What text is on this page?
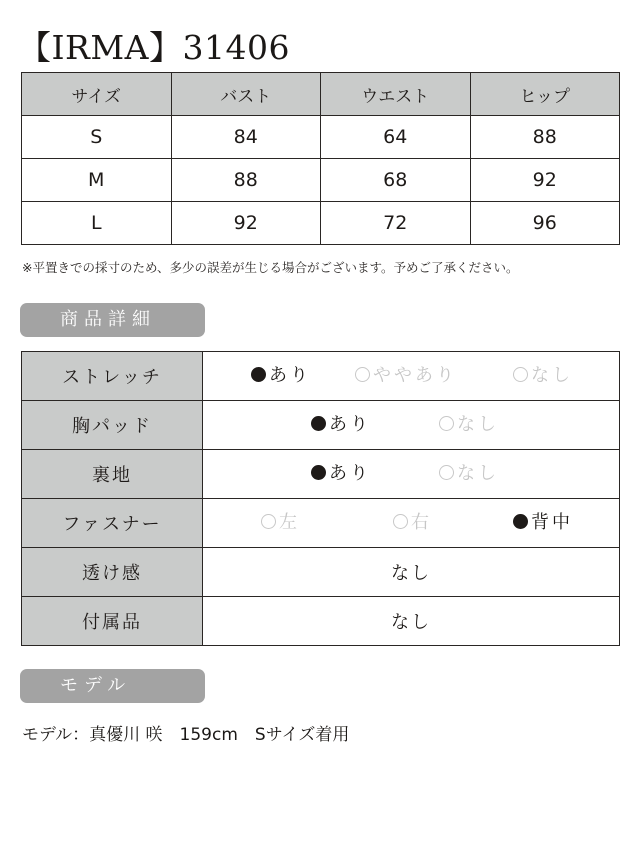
【IRMA】31406
サイズ	バスト	ウエスト	ヒップ
S	84	64	88
M	88	68	92
L	92	72	96
※平置きでの採寸のため、多少の誤差が生じる場合がございます。予めご了承ください。
商品詳細
ストレッチ	あり ややあり なし

胸パッド	あり なし

裏地	あり なし

ファスナー	左 右 背中

透け感	なし
付属品	なし
モデル
モデル：真優川 咲　159cm　Sサイズ着用
